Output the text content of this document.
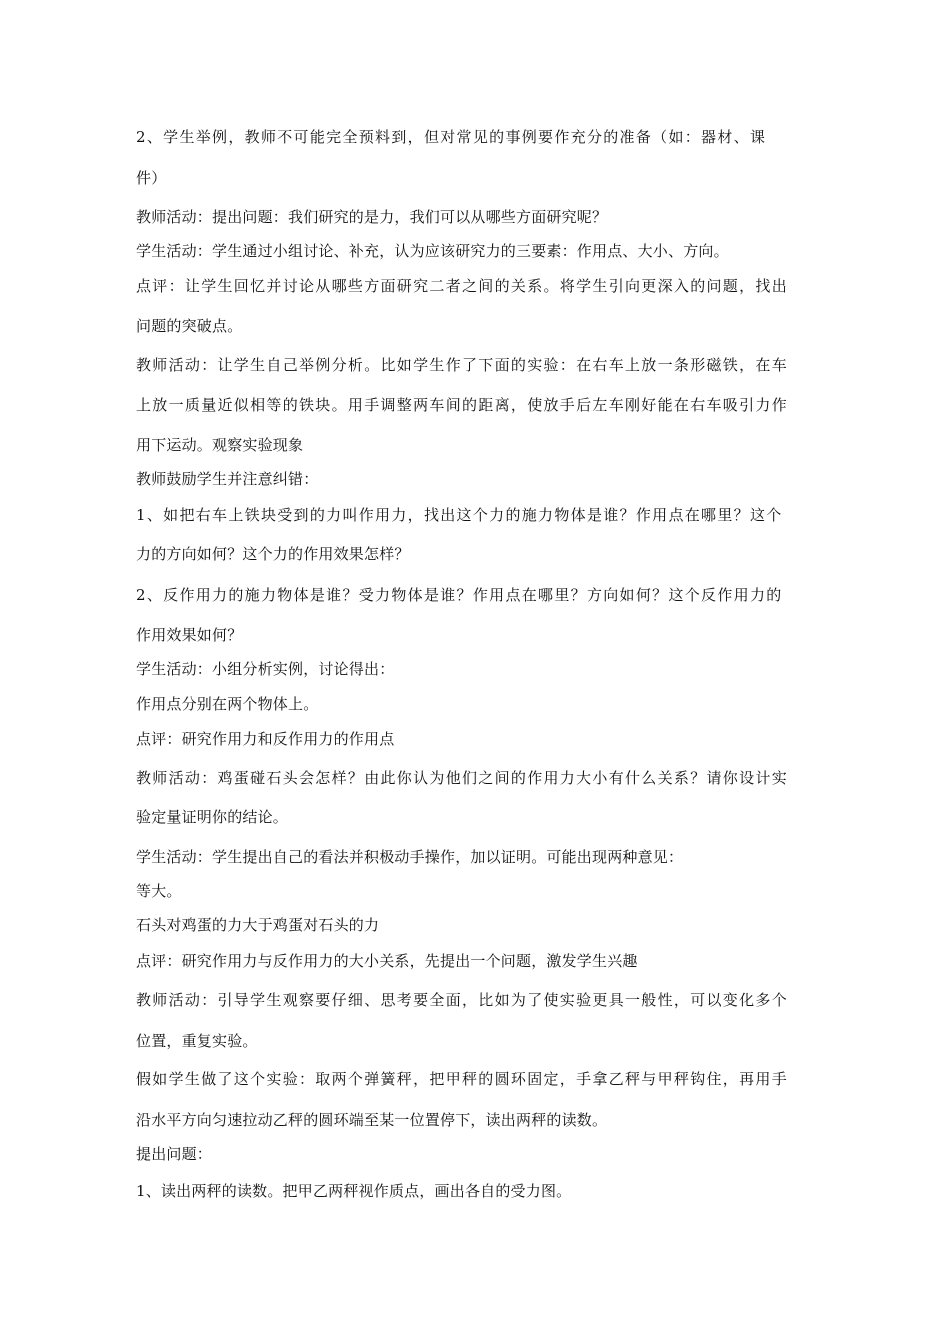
2、学生举例，教师不可能完全预料到，但对常见的事例要作充分的准备（如：器材、课

件）

教师活动：提出问题：我们研究的是力，我们可以从哪些方面研究呢？

学生活动：学生通过小组讨论、补充，认为应该研究力的三要素：作用点、大小、方向。

点评：让学生回忆并讨论从哪些方面研究二者之间的关系。将学生引向更深入的问题，找出

问题的突破点。

教师活动：让学生自己举例分析。比如学生作了下面的实验：在右车上放一条形磁铁，在车

上放一质量近似相等的铁块。用手调整两车间的距离，使放手后左车刚好能在右车吸引力作

用下运动。观察实验现象

教师鼓励学生并注意纠错：

1、如把右车上铁块受到的力叫作用力，找出这个力的施力物体是谁？作用点在哪里？这个

力的方向如何？这个力的作用效果怎样？

2、反作用力的施力物体是谁？受力物体是谁？作用点在哪里？方向如何？这个反作用力的

作用效果如何？

学生活动：小组分析实例，讨论得出：

作用点分别在两个物体上。

点评：研究作用力和反作用力的作用点

教师活动：鸡蛋碰石头会怎样？由此你认为他们之间的作用力大小有什么关系？请你设计实

验定量证明你的结论。

学生活动：学生提出自己的看法并积极动手操作，加以证明。可能出现两种意见：

等大。

石头对鸡蛋的力大于鸡蛋对石头的力

点评：研究作用力与反作用力的大小关系，先提出一个问题，激发学生兴趣

教师活动：引导学生观察要仔细、思考要全面，比如为了使实验更具一般性，可以变化多个

位置，重复实验。

假如学生做了这个实验：取两个弹簧秤，把甲秤的圆环固定，手拿乙秤与甲秤钩住，再用手

沿水平方向匀速拉动乙秤的圆环端至某一位置停下，读出两秤的读数。

提出问题：

1、读出两秤的读数。把甲乙两秤视作质点，画出各自的受力图。
